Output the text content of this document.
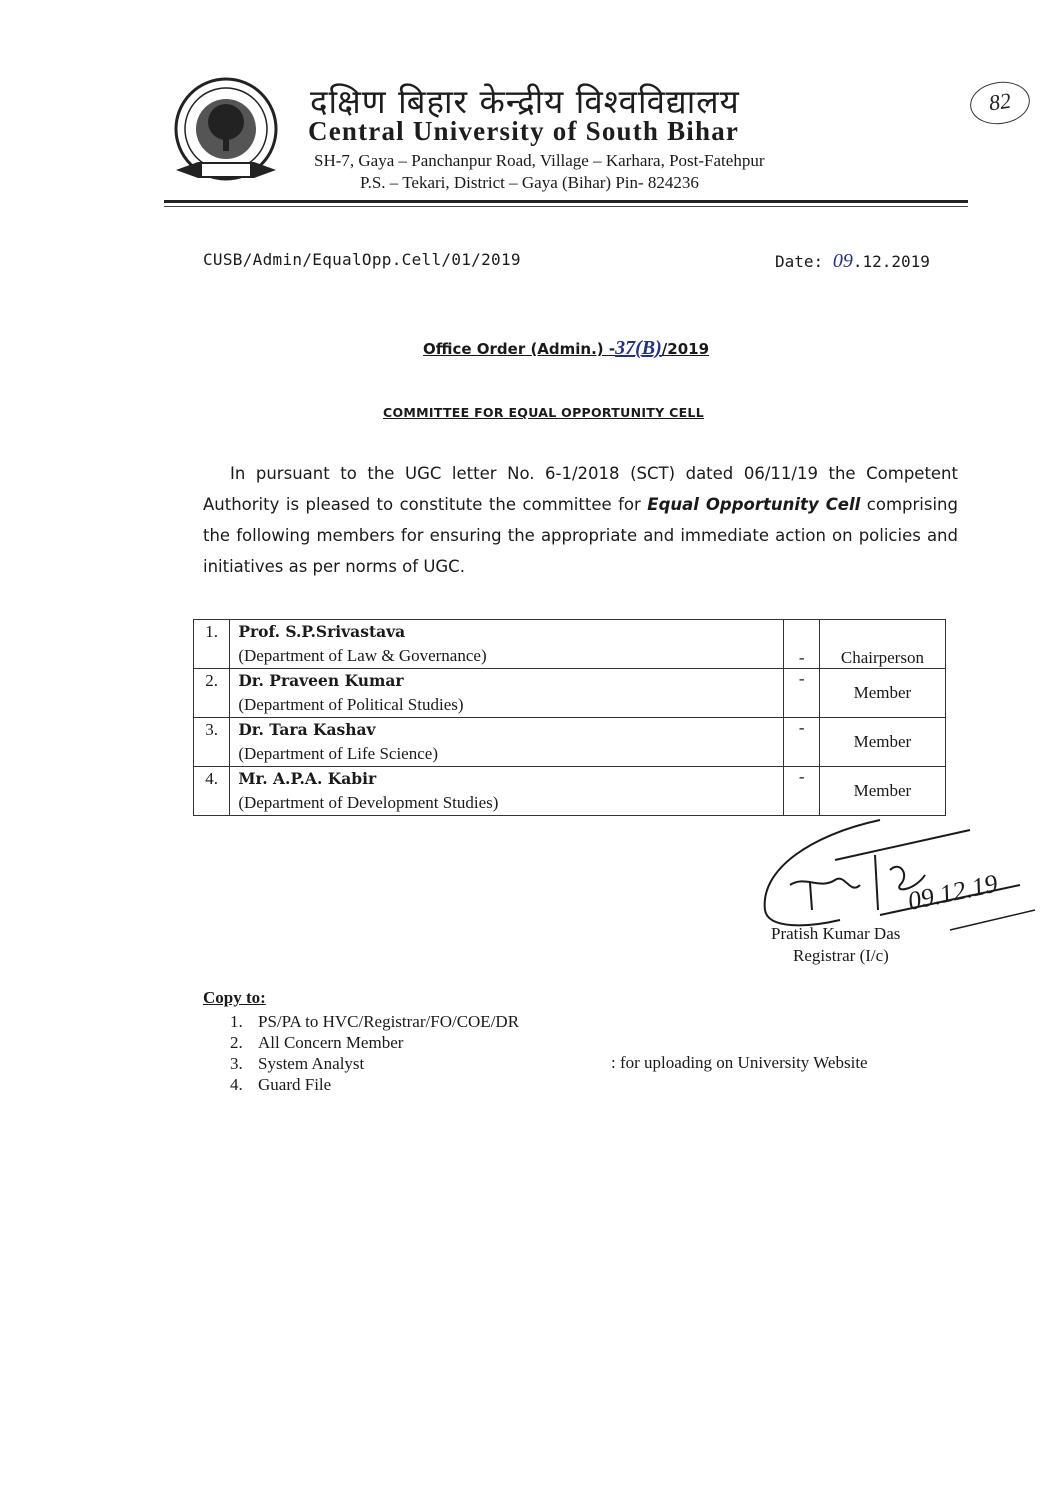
दक्षिण बिहार केन्द्रीय विश्वविद्यालय
Central University of South Bihar
SH-7, Gaya – Panchanpur Road, Village – Karhara, Post-Fatehpur
P.S. – Tekari, District – Gaya (Bihar) Pin- 824236
82
CUSB/Admin/EqualOpp.Cell/01/2019	Date: 09.12.2019
Office Order (Admin.) -37(B)/2019
COMMITTEE FOR EQUAL OPPORTUNITY CELL

In pursuant to the UGC letter No. 6-1/2018 (SCT) dated 06/11/19 the Competent Authority is pleased to constitute the committee for Equal Opportunity Cell comprising the following members for ensuring the appropriate and immediate action on policies and initiatives as per norms of UGC.

1.	Prof. S.P.Srivastava
(Department of Law & Governance)	-	Chairperson
2.	Dr. Praveen Kumar
(Department of Political Studies)	-	Member
3.	Dr. Tara Kashav
(Department of Life Science)	-	Member
4.	Mr. A.P.A. Kabir
(Department of Development Studies)	-	Member
09.12.19
Pratish Kumar Das
Registrar (I/c)
Copy to:
1. PS/PA to HVC/Registrar/FO/COE/DR
2. All Concern Member
3. System Analyst
4. Guard File
: for uploading on University Website
